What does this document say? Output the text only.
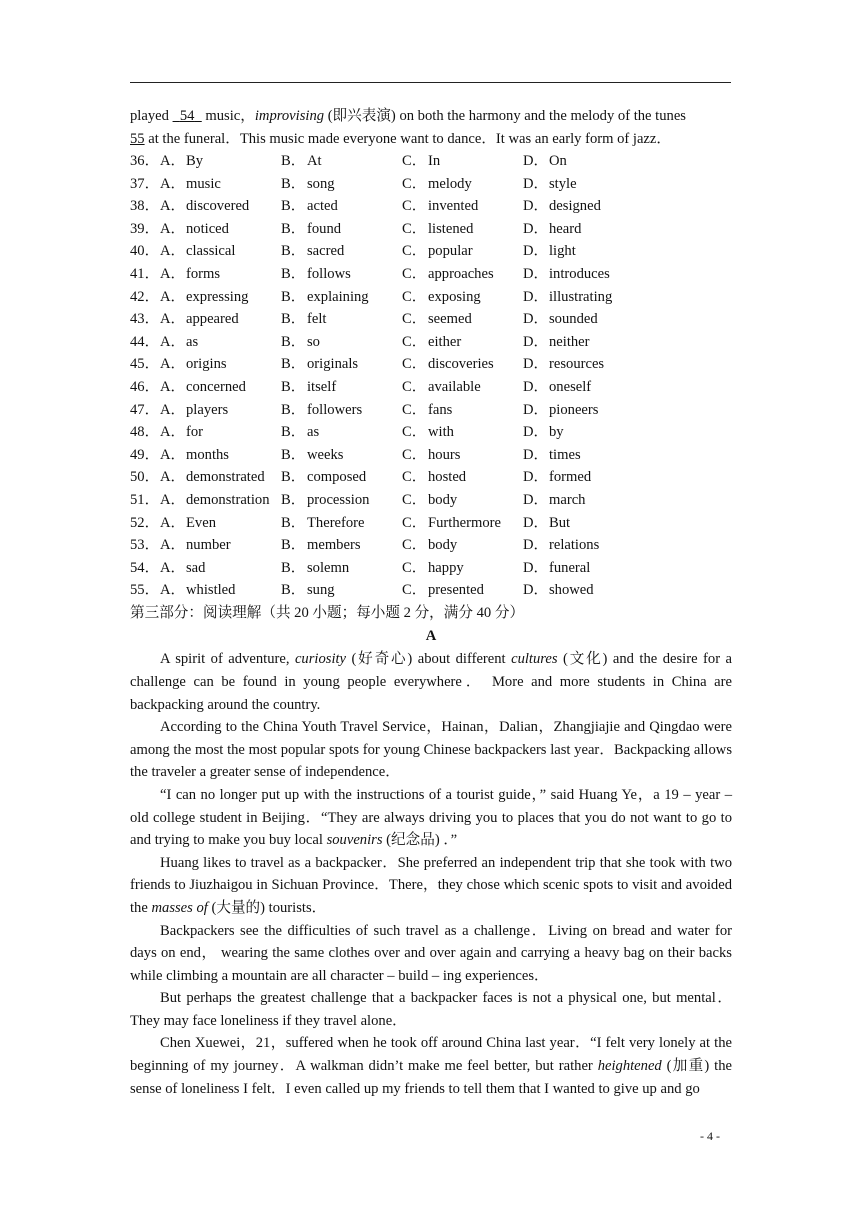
played   54   music，improvising (即兴表演) on both the harmony and the melody of the tunes
55 at the funeral．This music made everyone want to dance．It was an early form of jazz．
36． A．By	B． At	C． In	D．On
37． A．music	B． song	C． melody	D．style
38． A．discovered	B． acted	C． invented	D．designed
39． A．noticed	B． found	C． listened	D．heard
40． A．classical	B． sacred	C． popular	D．light
41． A．forms	B． follows	C． approaches	D．introduces
42． A．expressing	B． explaining	C． exposing	D．illustrating
43． A．appeared	B． felt	C． seemed	D．sounded
44． A．as	B． so	C． either	D．neither
45． A．origins	B． originals	C． discoveries	D．resources
46． A．concerned	B． itself	C． available	D．oneself
47． A．players	B． followers	C． fans	D．pioneers
48． A．for	B． as	C． with	D．by
49． A．months	B． weeks	C． hours	D．times
50． A．demonstrated	B． composed	C． hosted	D．formed
51． A．demonstration B． procession	C． body	D．march
52． A．Even	B． Therefore	C． Furthermore	D．But
53． A．number	B． members	C． body	D．relations
54． A．sad	B． solemn	C． happy	D．funeral
55． A．whistled	B． sung	C． presented	D．showed
第三部分：阅读理解（共 20 小题；每小题 2 分，满分 40 分）
A

A spirit of adventure, curiosity (好奇心) about different cultures (文化) and the desire for a challenge can be found in young people everywhere． More and more students in China are backpacking around the country.

According to the China Youth Travel Service，Hainan，Dalian，Zhangjiajie and Qingdao were among the most the most popular spots for young Chinese backpackers last year．Backpacking allows the traveler a greater sense of independence．

“I can no longer put up with the instructions of a tourist guide，” said Huang Ye，a 19 – year – old college student in Beijing．“They are always driving you to places that you do not want to go to and trying to make you buy local souvenirs (纪念品) ．”

Huang likes to travel as a backpacker．She preferred an independent trip that she took with two friends to Jiuzhaigou in Sichuan Province．There，they chose which scenic spots to visit and avoided the masses of (大量的) tourists．

Backpackers see the difficulties of such travel as a challenge．Living on bread and water for days on end， wearing the same clothes over and over again and carrying a heavy bag on their backs while climbing a mountain are all character – build – ing experiences．

But perhaps the greatest challenge that a backpacker faces is not a physical one, but mental．They may face loneliness if they travel alone．

Chen Xuewei，21，suffered when he took off around China last year．“I felt very lonely at the beginning of my journey．A walkman didn’t make me feel better, but rather heightened (加重) the sense of loneliness I felt．I even called up my friends to tell them that I wanted to give up and go

- 4 -
